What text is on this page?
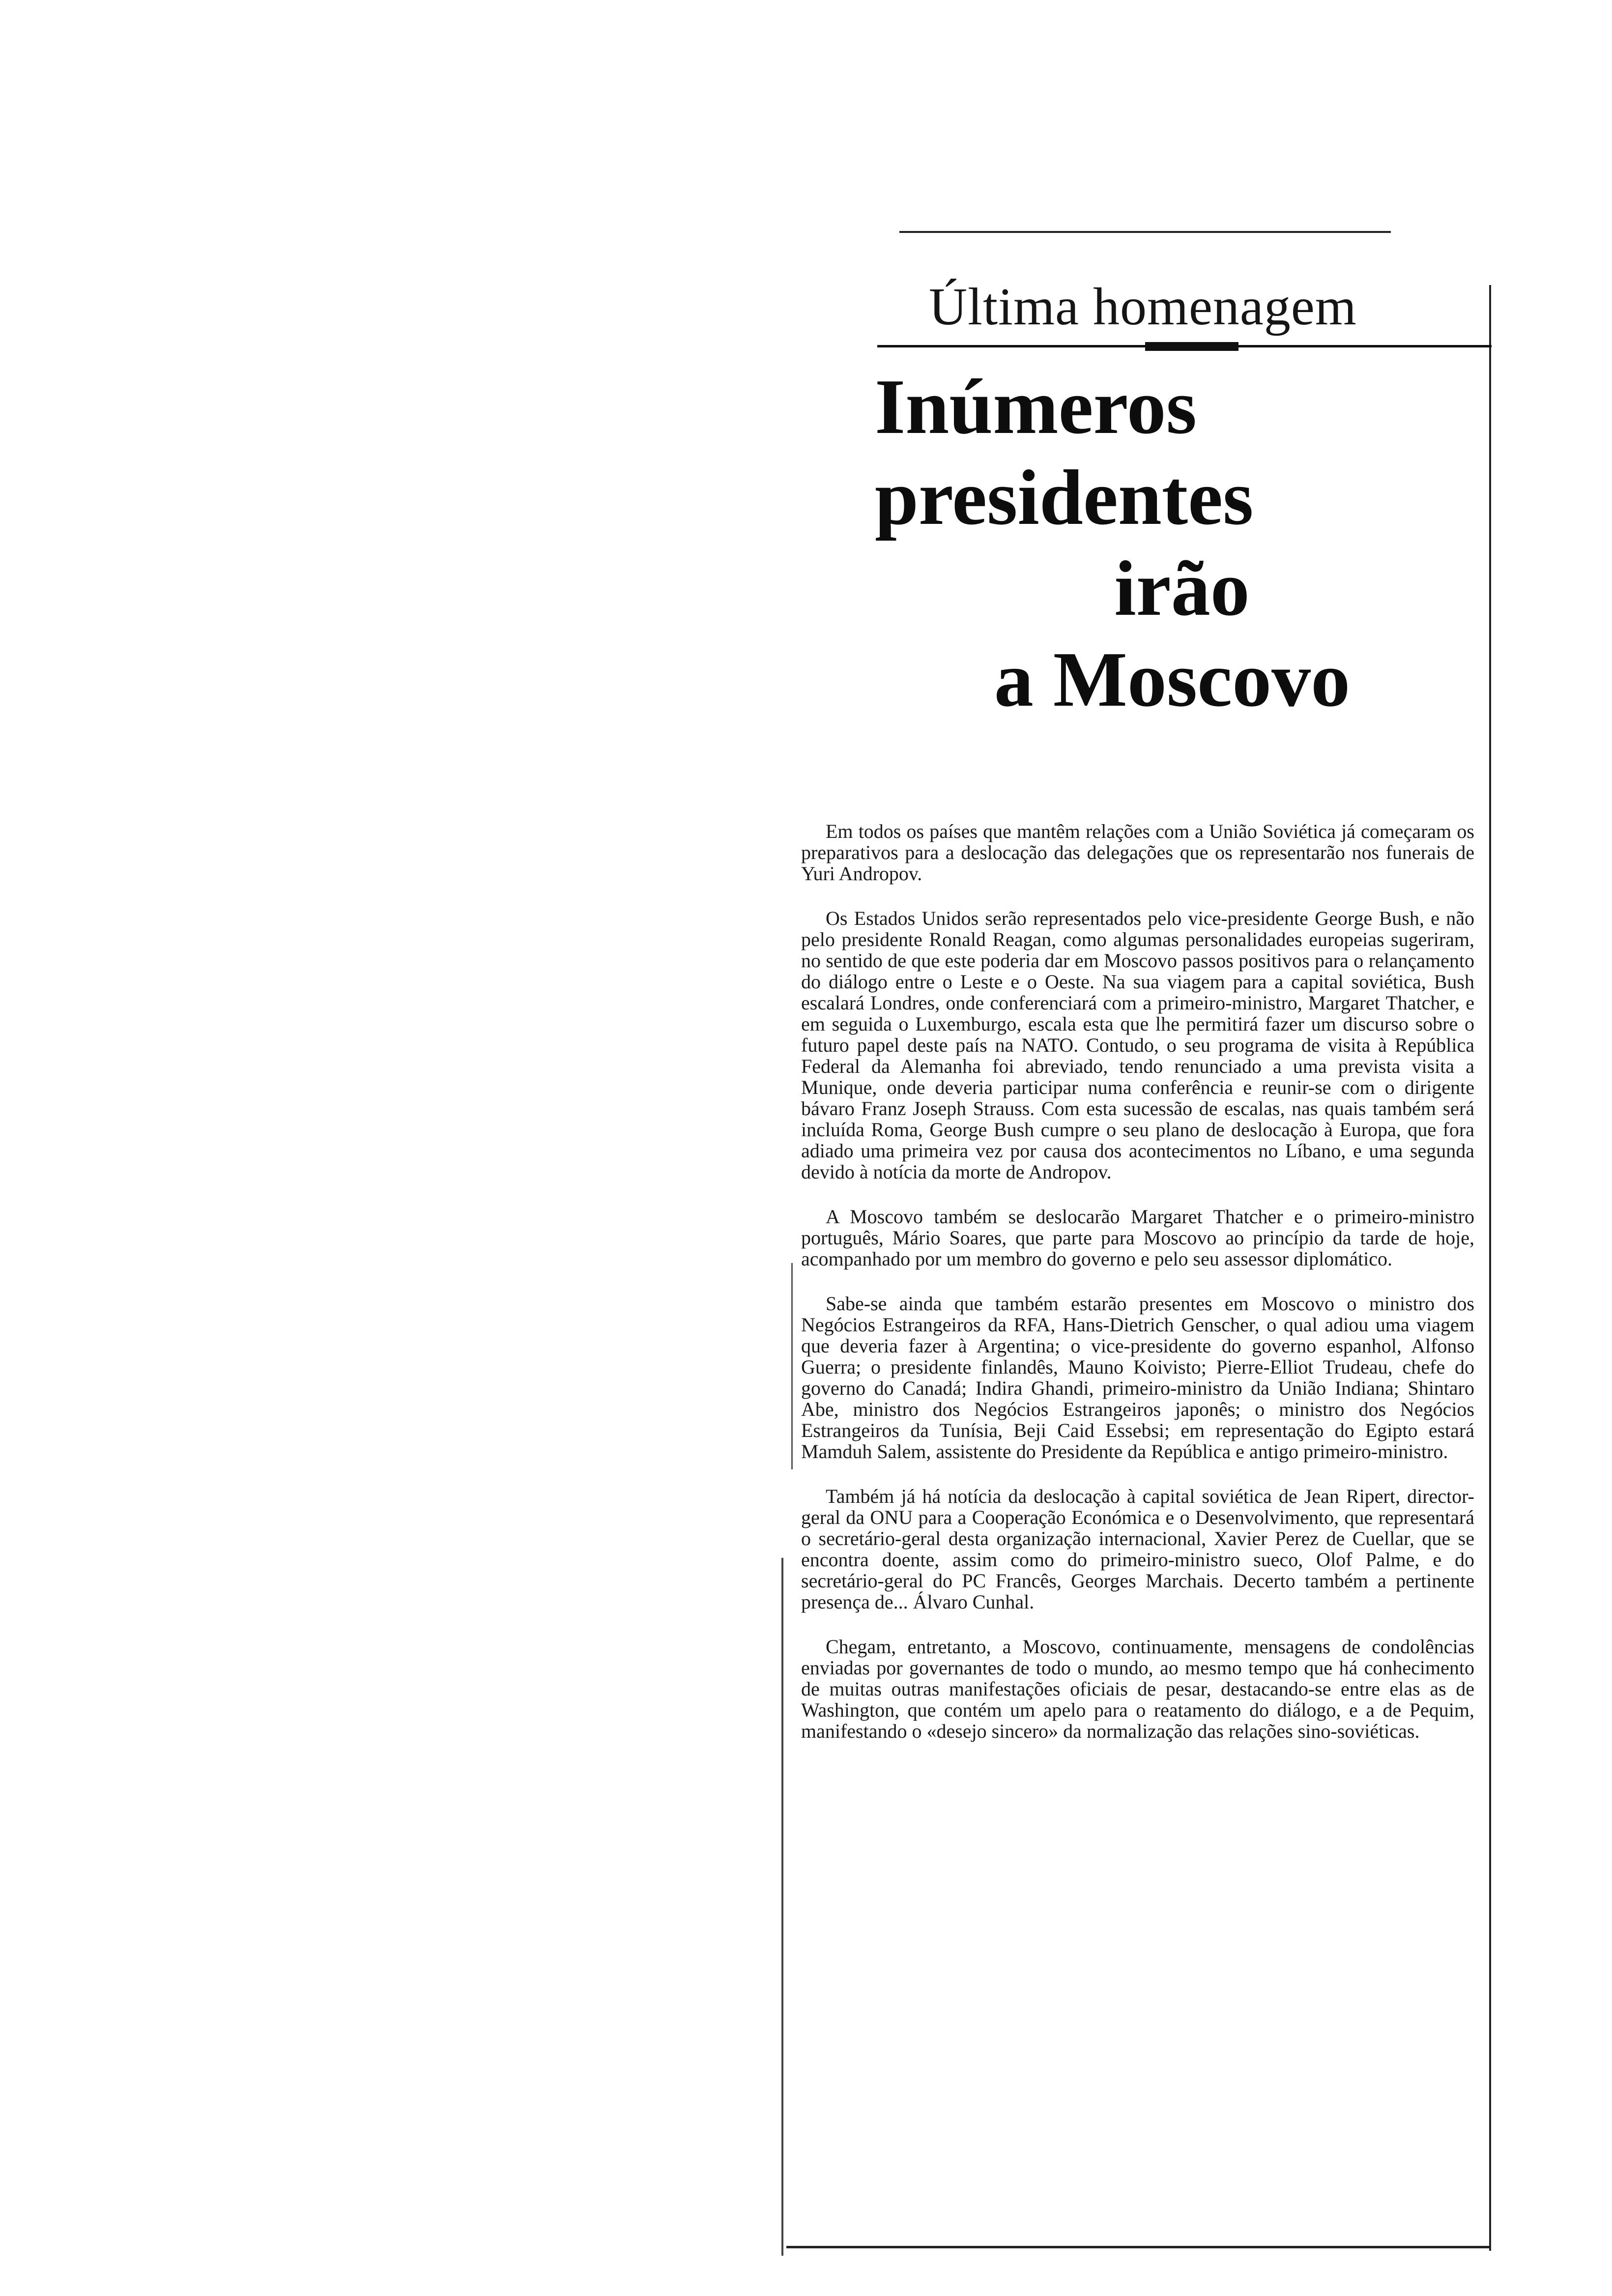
Última homenagem
Inúmeros presidentes
irão
a Moscovo

Em todos os países que mantêm relações com a União Soviética já começaram os preparativos para a deslocação das delegações que os representarão nos funerais de Yuri Andropov.

Os Estados Unidos serão representados pelo vice-presidente George Bush, e não pelo presidente Ronald Reagan, como algumas personalidades europeias sugeriram, no sentido de que este poderia dar em Moscovo passos positivos para o relançamento do diálogo entre o Leste e o Oeste. Na sua viagem para a capital soviética, Bush escalará Londres, onde conferenciará com a primeiro-ministro, Margaret Thatcher, e em seguida o Luxemburgo, escala esta que lhe permitirá fazer um discurso sobre o futuro papel deste país na NATO. Contudo, o seu programa de visita à República Federal da Alemanha foi abreviado, tendo renunciado a uma prevista visita a Munique, onde deveria participar numa conferência e reunir-se com o dirigente bávaro Franz Joseph Strauss. Com esta sucessão de escalas, nas quais também será incluída Roma, George Bush cumpre o seu plano de deslocação à Europa, que fora adiado uma primeira vez por causa dos acontecimentos no Líbano, e uma segunda devido à notícia da morte de Andropov.

A Moscovo também se deslocarão Margaret Thatcher e o primeiro-ministro português, Mário Soares, que parte para Moscovo ao princípio da tarde de hoje, acompanhado por um membro do governo e pelo seu assessor diplomático.

Sabe-se ainda que também estarão presentes em Moscovo o ministro dos Negócios Estrangeiros da RFA, Hans-Dietrich Genscher, o qual adiou uma viagem que deveria fazer à Argentina; o vice-presidente do governo espanhol, Alfonso Guerra; o presidente finlandês, Mauno Koivisto; Pierre-Elliot Trudeau, chefe do governo do Canadá; Indira Ghandi, primeiro-ministro da União Indiana; Shintaro Abe, ministro dos Negócios Estrangeiros japonês; o ministro dos Negócios Estrangeiros da Tunísia, Beji Caid Essebsi; em representação do Egipto estará Mamduh Salem, assistente do Presidente da República e antigo primeiro-ministro.

Também já há notícia da deslocação à capital soviética de Jean Ripert, director-geral da ONU para a Cooperação Económica e o Desenvolvimento, que representará o secretário-geral desta organização internacional, Xavier Perez de Cuellar, que se encontra doente, assim como do primeiro-ministro sueco, Olof Palme, e do secretário-geral do PC Francês, Georges Marchais. Decerto também a pertinente presença de... Álvaro Cunhal.

Chegam, entretanto, a Moscovo, continuamente, mensagens de condolências enviadas por governantes de todo o mundo, ao mesmo tempo que há conhecimento de muitas outras manifestações oficiais de pesar, destacando-se entre elas as de Washington, que contém um apelo para o reatamento do diálogo, e a de Pequim, manifestando o «desejo sincero» da normalização das relações sino-soviéticas.
